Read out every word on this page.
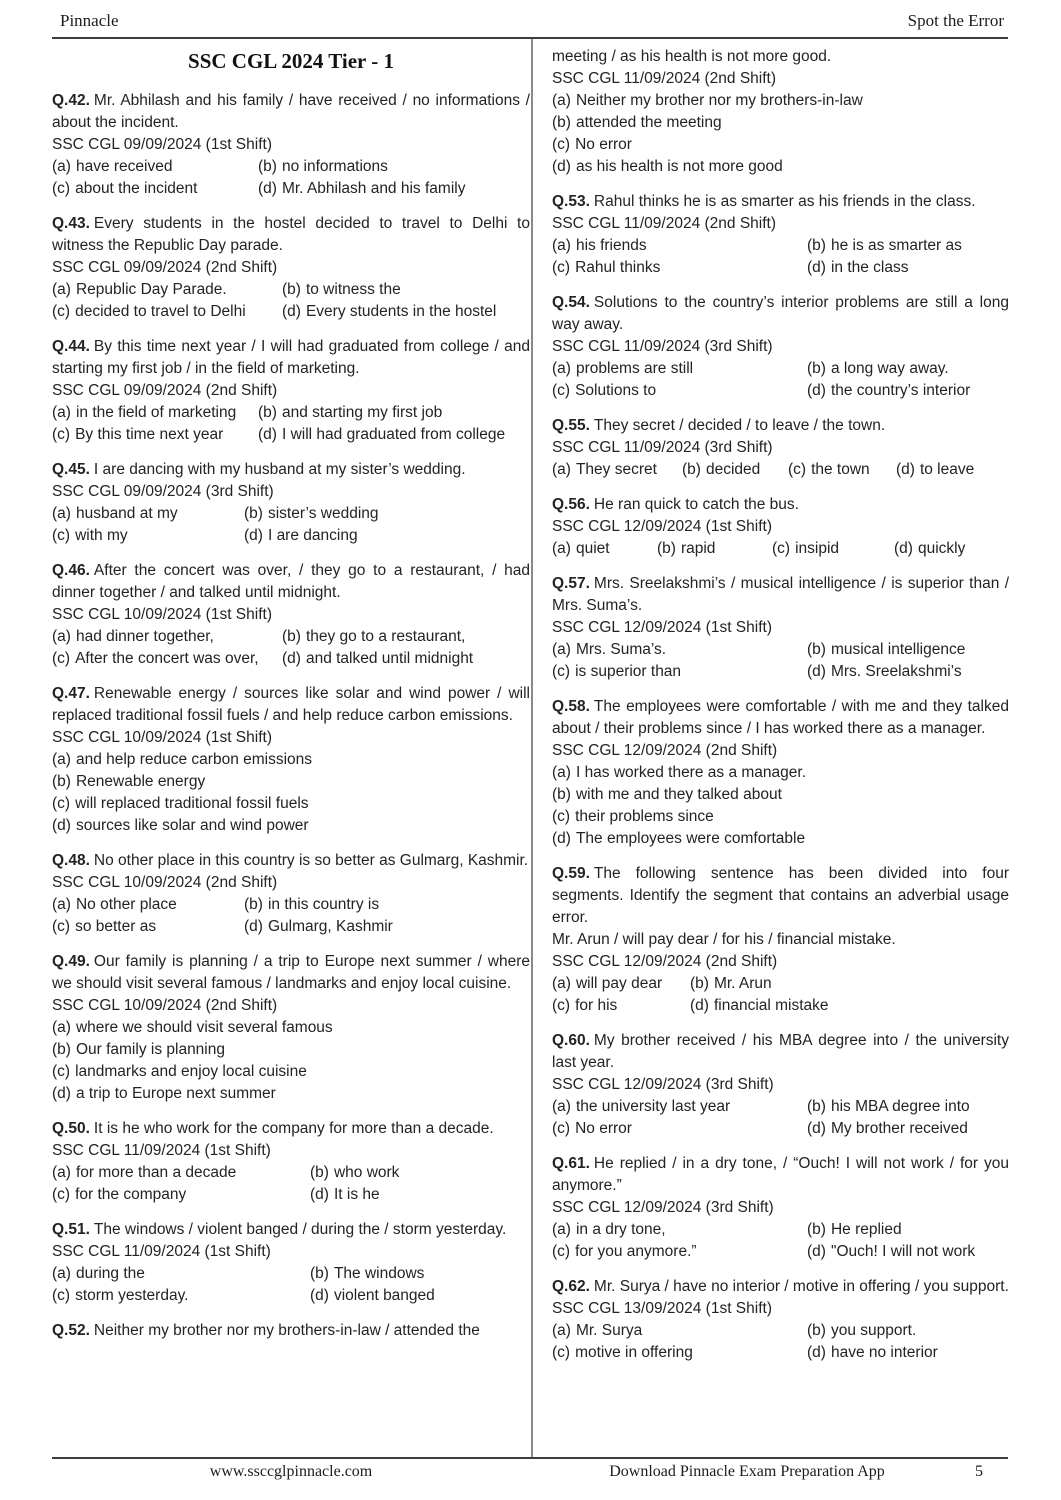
Pinnacle	Spot the Error
SSC CGL 2024 Tier - 1

Q.42. Mr. Abhilash and his family / have received / no informations / about the incident.

SSC CGL 09/09/2024 (1st Shift)

(a) have received	(b) no informations
(c) about the incident	(d) Mr. Abhilash and his family

Q.43. Every students in the hostel decided to travel to Delhi to witness the Republic Day parade.

SSC CGL 09/09/2024 (2nd Shift)

(a) Republic Day Parade.	(b) to witness the
(c) decided to travel to Delhi	(d) Every students in the hostel

Q.44. By this time next year / I will had graduated from college / and starting my first job / in the field of marketing.

SSC CGL 09/09/2024 (2nd Shift)

(a) in the field of marketing	(b) and starting my first job
(c) By this time next year	(d) I will had graduated from college

Q.45. I are dancing with my husband at my sister’s wedding.

SSC CGL 09/09/2024 (3rd Shift)

(a) husband at my	(b) sister’s wedding
(c) with my	(d) I are dancing

Q.46. After the concert was over, / they go to a restaurant, / had dinner together / and talked until midnight.

SSC CGL 10/09/2024 (1st Shift)

(a) had dinner together,	(b) they go to a restaurant,
(c) After the concert was over,	(d) and talked until midnight

Q.47. Renewable energy / sources like solar and wind power / will replaced traditional fossil fuels / and help reduce carbon emissions.

SSC CGL 10/09/2024 (1st Shift)

(a) and help reduce carbon emissions
(b) Renewable energy
(c) will replaced traditional fossil fuels
(d) sources like solar and wind power

Q.48. No other place in this country is so better as Gulmarg, Kashmir.

SSC CGL 10/09/2024 (2nd Shift)

(a) No other place	(b) in this country is
(c) so better as	(d) Gulmarg, Kashmir

Q.49. Our family is planning / a trip to Europe next summer / where we should visit several famous / landmarks and enjoy local cuisine.

SSC CGL 10/09/2024 (2nd Shift)

(a) where we should visit several famous
(b) Our family is planning
(c) landmarks and enjoy local cuisine
(d) a trip to Europe next summer

Q.50. It is he who work for the company for more than a decade.

SSC CGL 11/09/2024 (1st Shift)

(a) for more than a decade	(b) who work
(c) for the company	(d) It is he

Q.51. The windows / violent banged / during the / storm yesterday.

SSC CGL 11/09/2024 (1st Shift)

(a) during the	(b) The windows
(c) storm yesterday.	(d) violent banged

Q.52. Neither my brother nor my brothers-in-law / attended the

meeting / as his health is not more good.

SSC CGL 11/09/2024 (2nd Shift)

(a) Neither my brother nor my brothers-in-law
(b) attended the meeting
(c) No error
(d) as his health is not more good

Q.53. Rahul thinks he is as smarter as his friends in the class.

SSC CGL 11/09/2024 (2nd Shift)

(a) his friends	(b) he is as smarter as
(c) Rahul thinks	(d) in the class

Q.54. Solutions to the country’s interior problems are still a long way away.

SSC CGL 11/09/2024 (3rd Shift)

(a) problems are still	(b) a long way away.
(c) Solutions to	(d) the country’s interior

Q.55. They secret / decided / to leave / the town.

SSC CGL 11/09/2024 (3rd Shift)

(a) They secret	(b) decided	(c) the town	(d) to leave

Q.56. He ran quick to catch the bus.

SSC CGL 12/09/2024 (1st Shift)

(a) quiet	(b) rapid	(c) insipid	(d) quickly

Q.57. Mrs. Sreelakshmi’s / musical intelligence / is superior than / Mrs. Suma’s.

SSC CGL 12/09/2024 (1st Shift)

(a) Mrs. Suma’s.	(b) musical intelligence
(c) is superior than	(d) Mrs. Sreelakshmi’s

Q.58. The employees were comfortable / with me and they talked about / their problems since / I has worked there as a manager.

SSC CGL 12/09/2024 (2nd Shift)

(a) I has worked there as a manager.
(b) with me and they talked about
(c) their problems since
(d) The employees were comfortable

Q.59. The following sentence has been divided into four segments. Identify the segment that contains an adverbial usage error.

Mr. Arun / will pay dear / for his / financial mistake.

SSC CGL 12/09/2024 (2nd Shift)

(a) will pay dear	(b) Mr. Arun
(c) for his	(d) financial mistake

Q.60. My brother received / his MBA degree into / the university last year.

SSC CGL 12/09/2024 (3rd Shift)

(a) the university last year	(b) his MBA degree into
(c) No error	(d) My brother received

Q.61. He replied / in a dry tone, / “Ouch! I will not work / for you anymore.”

SSC CGL 12/09/2024 (3rd Shift)

(a) in a dry tone,	(b) He replied
(c) for you anymore.”	(d) "Ouch! I will not work

Q.62. Mr. Surya / have no interior / motive in offering / you support.

SSC CGL 13/09/2024 (1st Shift)

(a) Mr. Surya	(b) you support.
(c) motive in offering	(d) have no interior
www.ssccglpinnacle.com	Download Pinnacle Exam Preparation App	5
